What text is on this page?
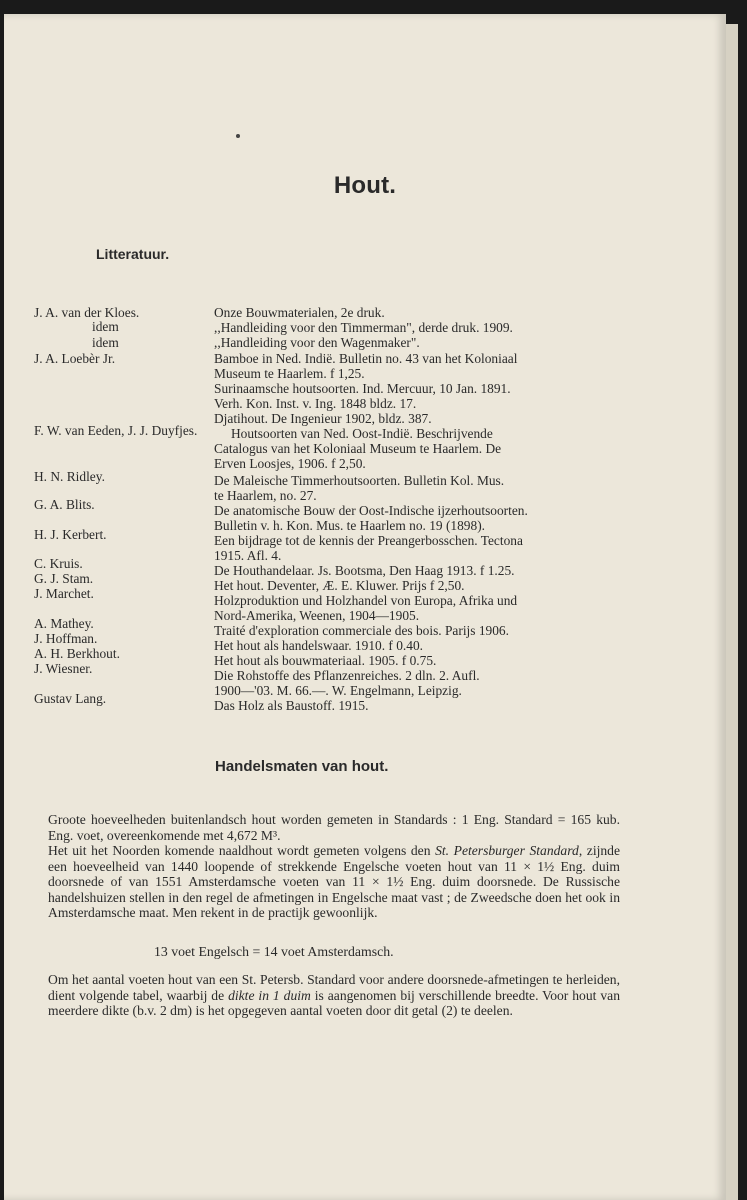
Hout.
Litteratuur.
J. A. van der Kloes.
idem
idem
J. A. Loebèr Jr.
F. W. van Eeden, J. J. Duyfjes.
H. N. Ridley.
G. A. Blits.
H. J. Kerbert.
C. Kruis.
G. J. Stam.
J. Marchet.
A. Mathey.
J. Hoffman.
A. H. Berkhout.
J. Wiesner.
Gustav Lang.
Onze Bouwmaterialen, 2e druk.
,,Handleiding voor den Timmerman", derde druk. 1909.
,,Handleiding voor den Wagenmaker".
Bamboe in Ned. Indië. Bulletin no. 43 van het Koloniaal
Museum te Haarlem. f 1,25.
Surinaamsche houtsoorten. Ind. Mercuur, 10 Jan. 1891.
Verh. Kon. Inst. v. Ing. 1848 bldz. 17.
Djatihout. De Ingenieur 1902, bldz. 387.
Houtsoorten van Ned. Oost-Indië. Beschrijvende
Catalogus van het Koloniaal Museum te Haarlem. De
Erven Loosjes, 1906. f 2,50.
De Maleische Timmerhoutsoorten. Bulletin Kol. Mus.
te Haarlem, no. 27.
De anatomische Bouw der Oost-Indische ijzerhoutsoorten.
Bulletin v. h. Kon. Mus. te Haarlem no. 19 (1898).
Een bijdrage tot de kennis der Preangerbosschen. Tectona
1915. Afl. 4.
De Houthandelaar. Js. Bootsma, Den Haag 1913. f 1.25.
Het hout. Deventer, Æ. E. Kluwer. Prijs f 2,50.
Holzproduktion und Holzhandel von Europa, Afrika und
Nord-Amerika, Weenen, 1904—1905.
Traité d'exploration commerciale des bois. Parijs 1906.
Het hout als handelswaar. 1910. f 0.40.
Het hout als bouwmateriaal. 1905. f 0.75.
Die Rohstoffe des Pflanzenreiches. 2 dln. 2. Aufl.
1900—'03. M. 66.—. W. Engelmann, Leipzig.
Das Holz als Baustoff. 1915.
Handelsmaten van hout.
Groote hoeveelheden buitenlandsch hout worden gemeten in Standards : 1 Eng. Standard = 165 kub. Eng. voet, overeenkomende met 4,672 M³.
Het uit het Noorden komende naaldhout wordt gemeten volgens den St. Petersburger Standard, zijnde een hoeveelheid van 1440 loopende of strekkende Engelsche voeten hout van 11 × 1½ Eng. duim doorsnede of van 1551 Amsterdamsche voeten van 11 × 1½ Eng. duim doorsnede. De Russische handelshuizen stellen in den regel de afmetingen in Engelsche maat vast ; de Zweedsche doen het ook in Amsterdamsche maat. Men rekent in de practijk gewoonlijk.
13 voet Engelsch = 14 voet Amsterdamsch.
Om het aantal voeten hout van een St. Petersb. Standard voor andere doorsnede-afmetingen te herleiden, dient volgende tabel, waarbij de dikte in 1 duim is aangenomen bij verschillende breedte. Voor hout van meerdere dikte (b.v. 2 dm) is het opgegeven aantal voeten door dit getal (2) te deelen.
